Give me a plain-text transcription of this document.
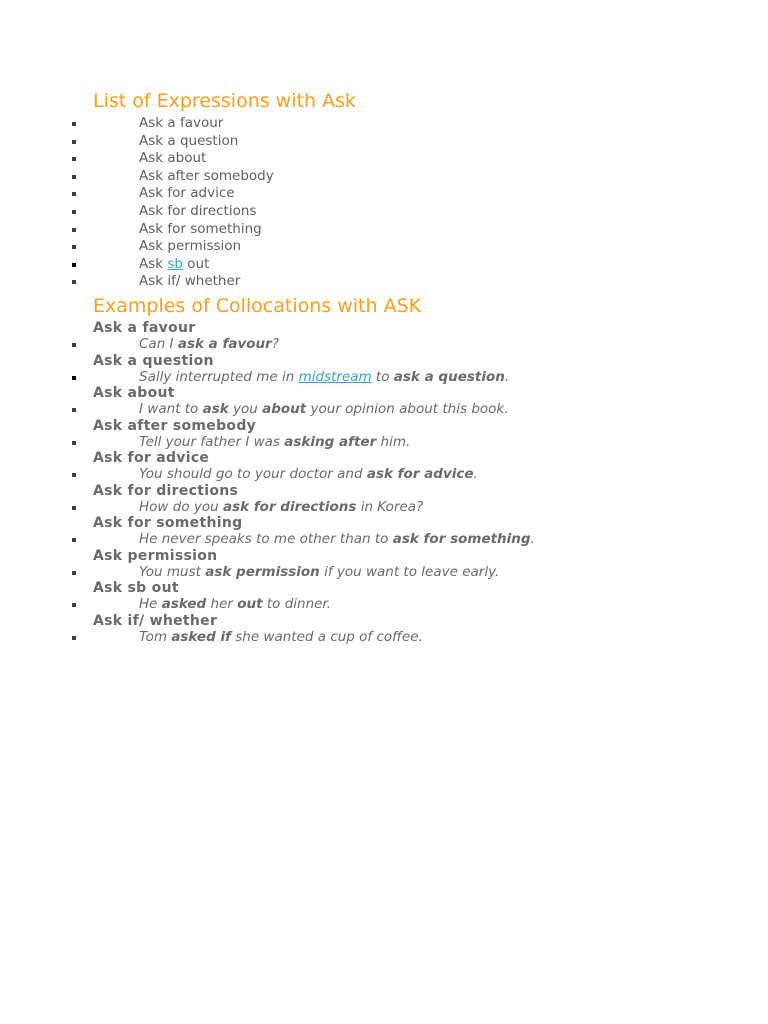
List of Expressions with Ask
Ask a favour
Ask a question
Ask about
Ask after somebody
Ask for advice
Ask for directions
Ask for something
Ask permission
Ask sb out
Ask if/ whether
Examples of Collocations with ASK
Ask a favour
Can I ask a favour?
Ask a question
Sally interrupted me in midstream to ask a question.
Ask about
I want to ask you about your opinion about this book.
Ask after somebody
Tell your father I was asking after him.
Ask for advice
You should go to your doctor and ask for advice.
Ask for directions
How do you ask for directions in Korea?
Ask for something
He never speaks to me other than to ask for something.
Ask permission
You must ask permission if you want to leave early.
Ask sb out
He asked her out to dinner.
Ask if/ whether
Tom asked if she wanted a cup of coffee.
